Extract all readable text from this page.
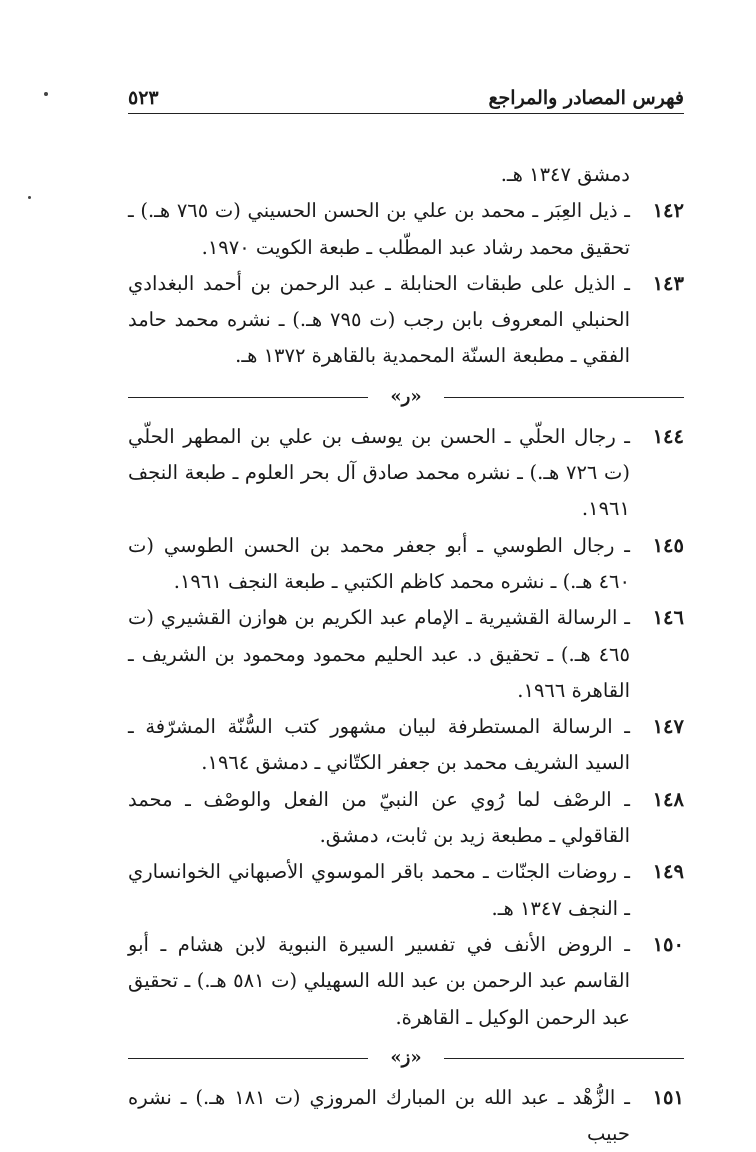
فهرس المصادر والمراجع
٥٢٣

دمشق ١٣٤٧ هـ.

١٤٢
ـ ذيل العِبَر ـ محمد بن علي بن الحسن الحسيني (ت ٧٦٥ هـ.) ـ تحقيق محمد رشاد عبد المطّلب ـ طبعة الكويت ١٩٧٠.

١٤٣
ـ الذيل على طبقات الحنابلة ـ عبد الرحمن بن أحمد البغدادي الحنبلي المعروف بابن رجب (ت ٧٩٥ هـ.) ـ نشره محمد حامد الفقي ـ مطبعة السنّة المحمدية بالقاهرة ١٣٧٢ هـ.

«ر»

١٤٤
ـ رجال الحلّي ـ الحسن بن يوسف بن علي بن المطهر الحلّي (ت ٧٢٦ هـ.) ـ نشره محمد صادق آل بحر العلوم ـ طبعة النجف ١٩٦١.

١٤٥
ـ رجال الطوسي ـ أبو جعفر محمد بن الحسن الطوسي (ت ٤٦٠ هـ.) ـ نشره محمد كاظم الكتبي ـ طبعة النجف ١٩٦١.

١٤٦
ـ الرسالة القشيرية ـ الإمام عبد الكريم بن هوازن القشيري (ت ٤٦٥ هـ.) ـ تحقيق د. عبد الحليم محمود ومحمود بن الشريف ـ القاهرة ١٩٦٦.

١٤٧
ـ الرسالة المستطرفة لبيان مشهور كتب السُّنّة المشرّفة ـ السيد الشريف محمد بن جعفر الكتّاني ـ دمشق ١٩٦٤.

١٤٨
ـ الرصْف لما رُوي عن النبيّ من الفعل والوصْف ـ محمد القاقولي ـ مطبعة زيد بن ثابت، دمشق.

١٤٩
ـ روضات الجنّات ـ محمد باقر الموسوي الأصبهاني الخوانساري ـ النجف ١٣٤٧ هـ.

١٥٠
ـ الروض الأنف في تفسير السيرة النبوية لابن هشام ـ أبو القاسم عبد الرحمن بن عبد الله السهيلي (ت ٥٨١ هـ.) ـ تحقيق عبد الرحمن الوكيل ـ القاهرة.

«ز»

١٥١
ـ الزُّهْد ـ عبد الله بن المبارك المروزي (ت ١٨١ هـ.) ـ نشره حبيب
